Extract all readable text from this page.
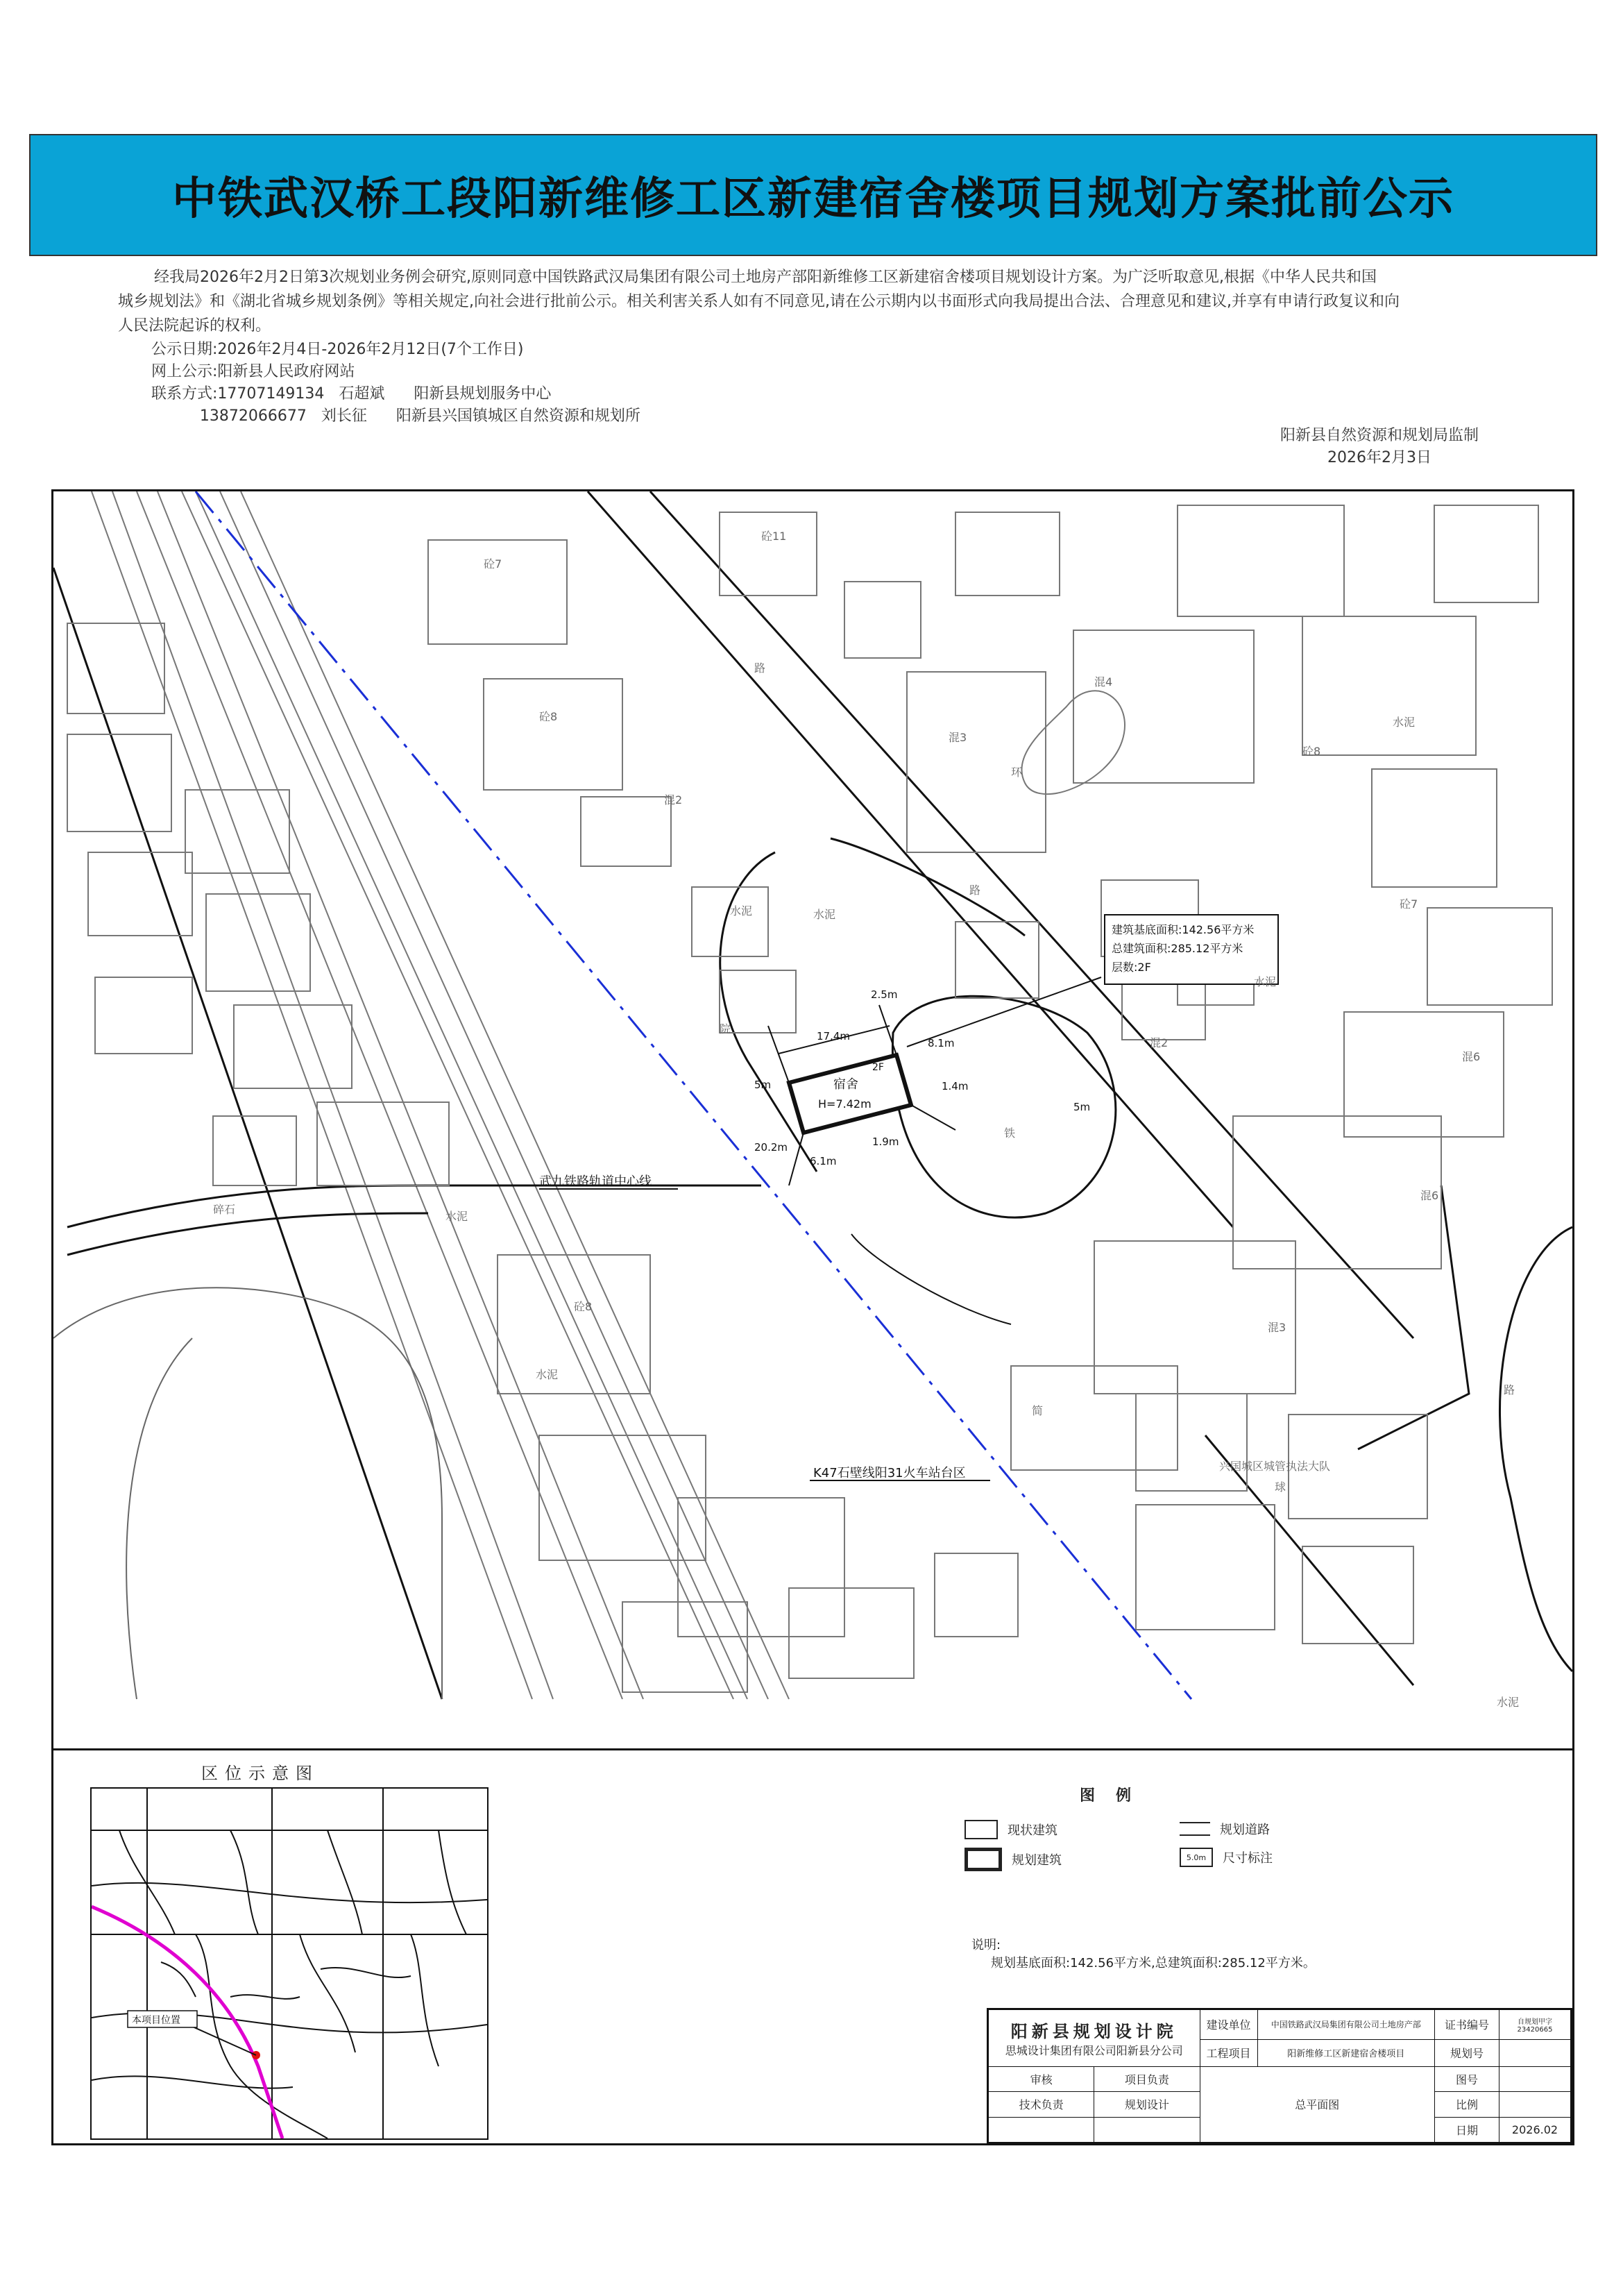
中铁武汉桥工段阳新维修工区新建宿舍楼项目规划方案批前公示

经我局2026年2月2日第3次规划业务例会研究,原则同意中国铁路武汉局集团有限公司土地房产部阳新维修工区新建宿舍楼项目规划设计方案。为广泛听取意见,根据《中华人民共和国

城乡规划法》和《湖北省城乡规划条例》等相关规定,向社会进行批前公示。相关利害关系人如有不同意见,请在公示期内以书面形式向我局提出合法、合理意见和建议,并享有申请行政复议和向

人民法院起诉的权利。

公示日期:2026年2月4日-2026年2月12日(7个工作日)
网上公示:阳新县人民政府网站
联系方式:17707149134   石超斌      阳新县规划服务中心
13872066677   刘长征      阳新县兴国镇城区自然资源和规划所
阳新县自然资源和规划局监制
2026年2月3日
宿舍
H=7.42m
2F
17.4m
2.5m
8.1m
5m
20.2m
6.1m
1.4m
1.9m
5m
建筑基底面积:142.56平方米
总建筑面积:285.12平方米
层数:2F
武九铁路轨道中心线
K47石壁线阳31火车站台区
水泥
水泥
水泥
水泥
水泥
水泥
水泥
碎石
混4
混3
混3
混6
混6
砼8
砼8
砼8
砼7
砼7
砼11
混2
混2
简
铁
路
路
路
环
兴国城区城管执法大队
球
院
区位示意图
本项目位置
图例
现状建筑	规划道路
规划建筑	5.0m	尺寸标注
说明:
规划基底面积:142.56平方米,总建筑面积:285.12平方米。
阳新县规划设计院
思城设计集团有限公司阳新县分公司		建设单位	中国铁路武汉局集团有限公司土地房产部	证书编号	自规划甲字23420665
		工程项目	阳新维修工区新建宿舍楼项目	规划号	
审核	项目负责	总平面图		图号	
技术负责	规划设计			比例	
				日期	2026.02
